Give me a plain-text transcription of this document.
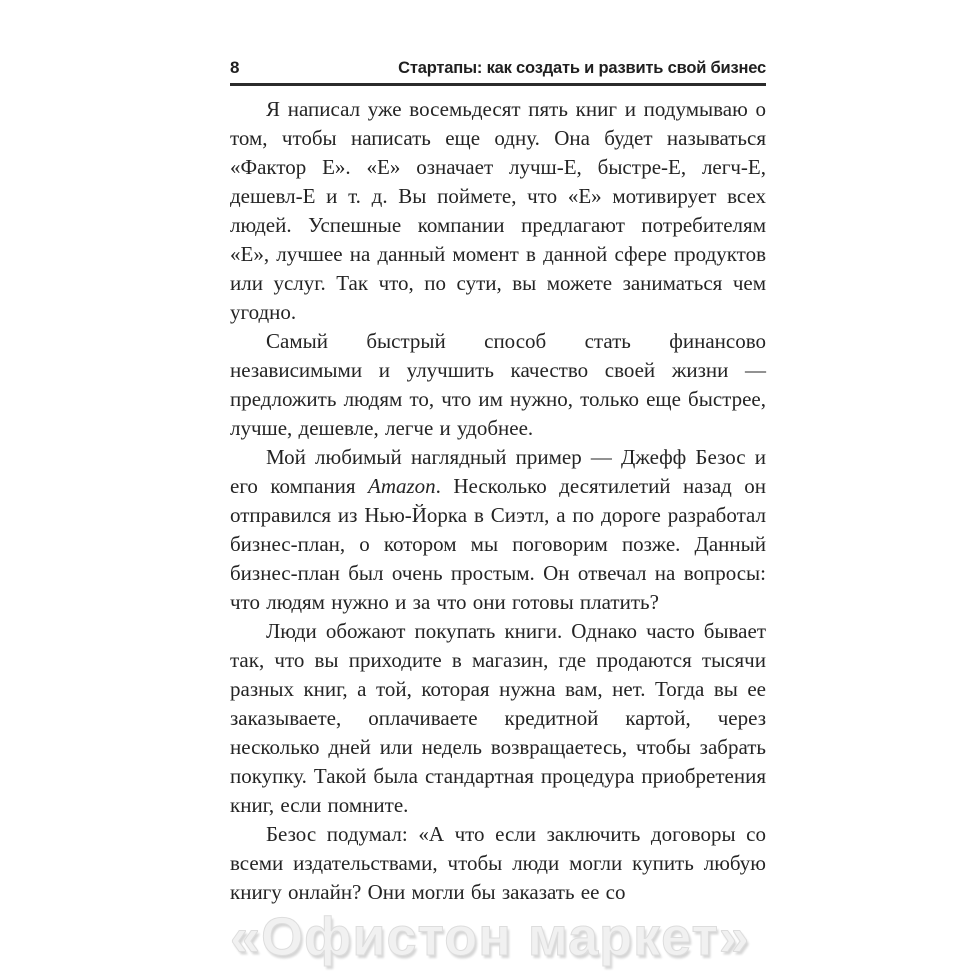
8	Стартапы: как создать и развить свой бизнес

Я написал уже восемьдесят пять книг и подумываю о том, чтобы написать еще одну. Она будет называться «Фактор Е». «Е» означает лучш-Е, быстре-Е, легч-Е, дешевл-Е и т. д. Вы поймете, что «Е» мотивирует всех людей. Успешные компании предлагают потребителям «Е», лучшее на данный момент в данной сфере продуктов или услуг. Так что, по сути, вы можете заниматься чем угодно.

Самый быстрый способ стать финансово независимыми и улучшить качество своей жизни — предложить людям то, что им нужно, только еще быстрее, лучше, дешевле, легче и удобнее.

Мой любимый наглядный пример — Джефф Безос и его компания Amazon. Несколько десятилетий назад он отправился из Нью-Йорка в Сиэтл, а по дороге разработал бизнес-план, о котором мы поговорим позже. Данный бизнес-план был очень простым. Он отвечал на вопросы: что людям нужно и за что они готовы платить?

Люди обожают покупать книги. Однако часто бывает так, что вы приходите в магазин, где продаются тысячи разных книг, а той, которая нужна вам, нет. Тогда вы ее заказываете, оплачиваете кредитной картой, через несколько дней или недель возвращаетесь, чтобы забрать покупку. Такой была стандартная процедура приобретения книг, если помните.

Безос подумал: «А что если заключить договоры со всеми издательствами, чтобы люди могли купить любую книгу онлайн? Они могли бы заказать ее со

«Офистон маркет»
